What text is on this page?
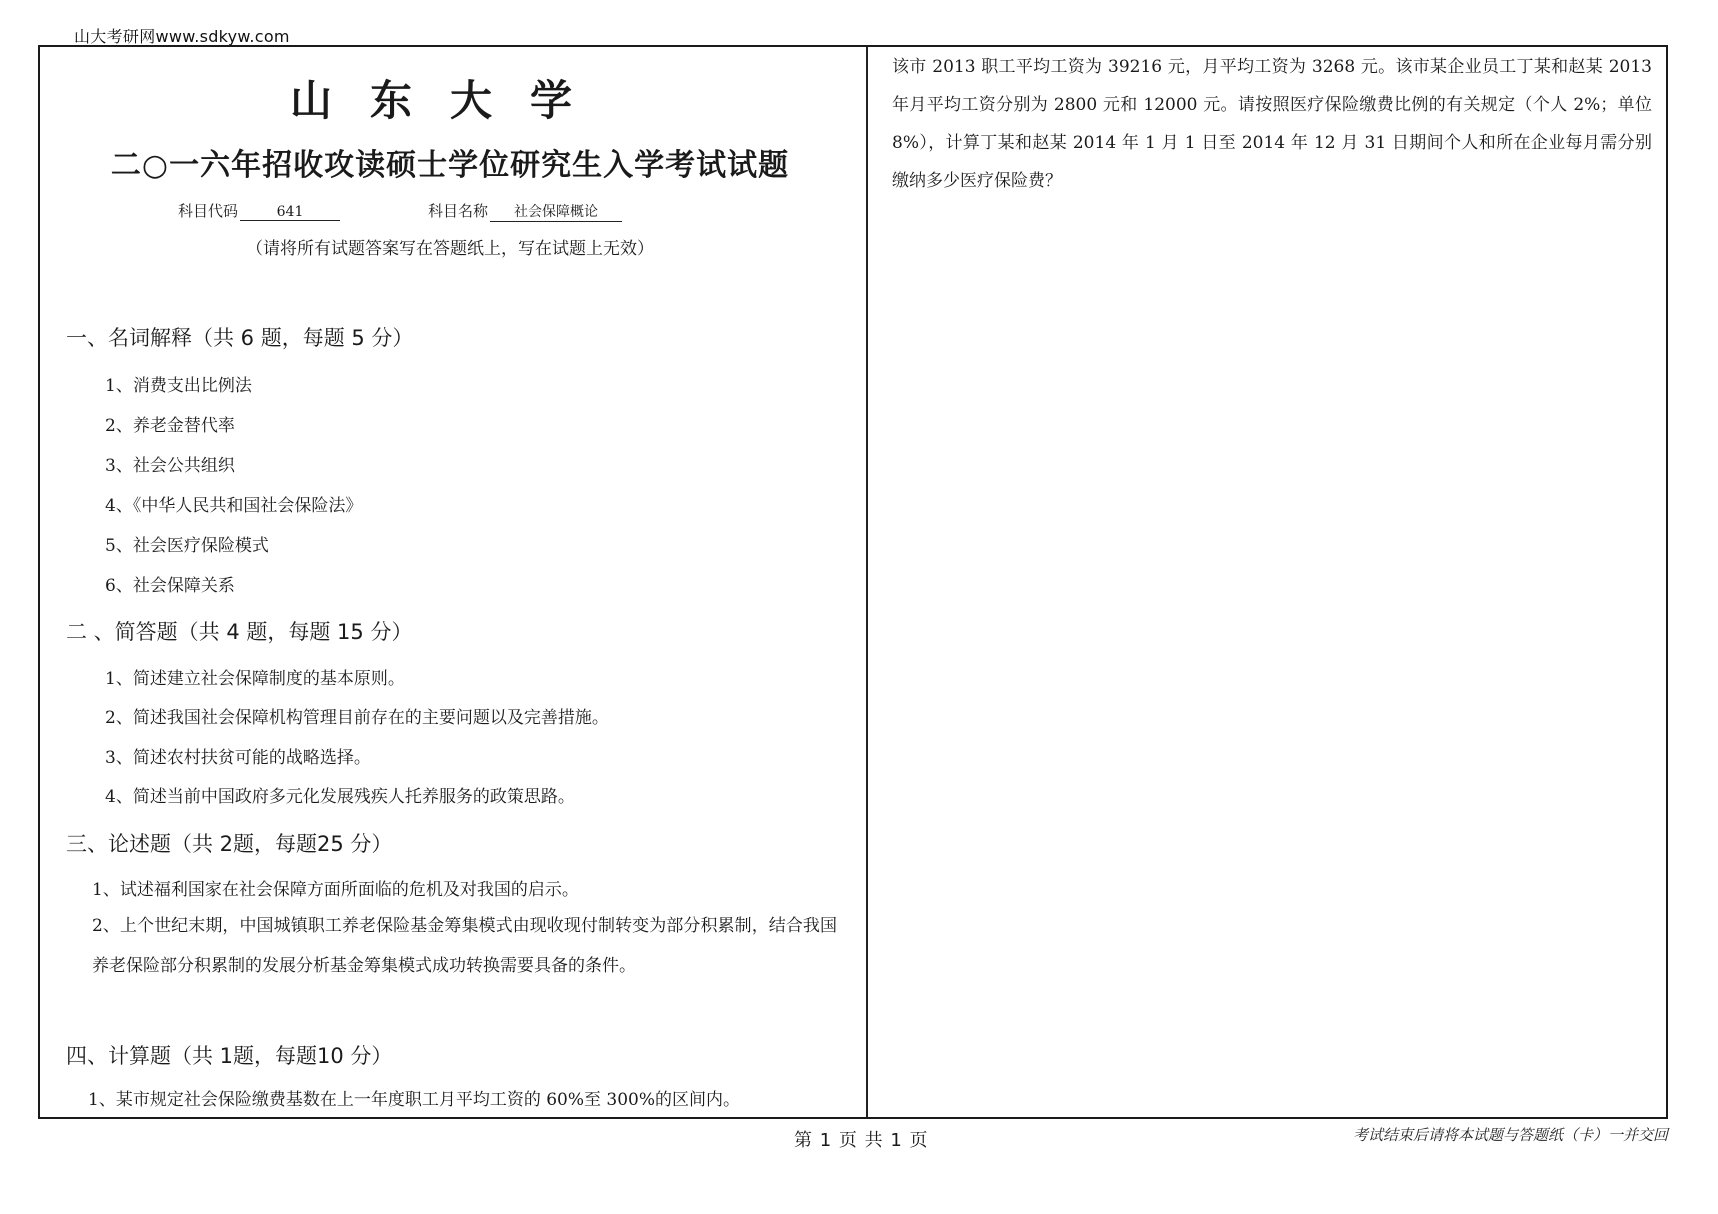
山大考研网www.sdkyw.com
山东大学
二○一六年招收攻读硕士学位研究生入学考试试题
科目代码	641	科目名称 社会保障概论
（请将所有试题答案写在答题纸上，写在试题上无效）
一、名词解释（共 6 题，每题 5 分）
1、消费支出比例法
2、养老金替代率
3、社会公共组织
4、《中华人民共和国社会保险法》
5、社会医疗保险模式
6、社会保障关系
二 、简答题（共 4 题，每题 15 分）
1、简述建立社会保障制度的基本原则。
2、简述我国社会保障机构管理目前存在的主要问题以及完善措施。
3、简述农村扶贫可能的战略选择。
4、简述当前中国政府多元化发展残疾人托养服务的政策思路。
三、论述题（共 2题，每题25 分）
1、试述福利国家在社会保障方面所面临的危机及对我国的启示。
2、上个世纪末期，中国城镇职工养老保险基金筹集模式由现收现付制转变为部分积累制，结合我国养老保险部分积累制的发展分析基金筹集模式成功转换需要具备的条件。
四、计算题（共 1题，每题10 分）
1、某市规定社会保险缴费基数在上一年度职工月平均工资的 60%至 300%的区间内。

该市 2013 职工平均工资为 39216 元，月平均工资为 3268 元。该市某企业员工丁某和赵某 2013 年月平均工资分别为 2800 元和 12000 元。请按照医疗保险缴费比例的有关规定（个人 2%；单位 8%），计算丁某和赵某 2014 年 1 月 1 日至 2014 年 12 月 31 日期间个人和所在企业每月需分别缴纳多少医疗保险费？

第 1 页 共 1 页	考试结束后请将本试题与答题纸（卡）一并交回
